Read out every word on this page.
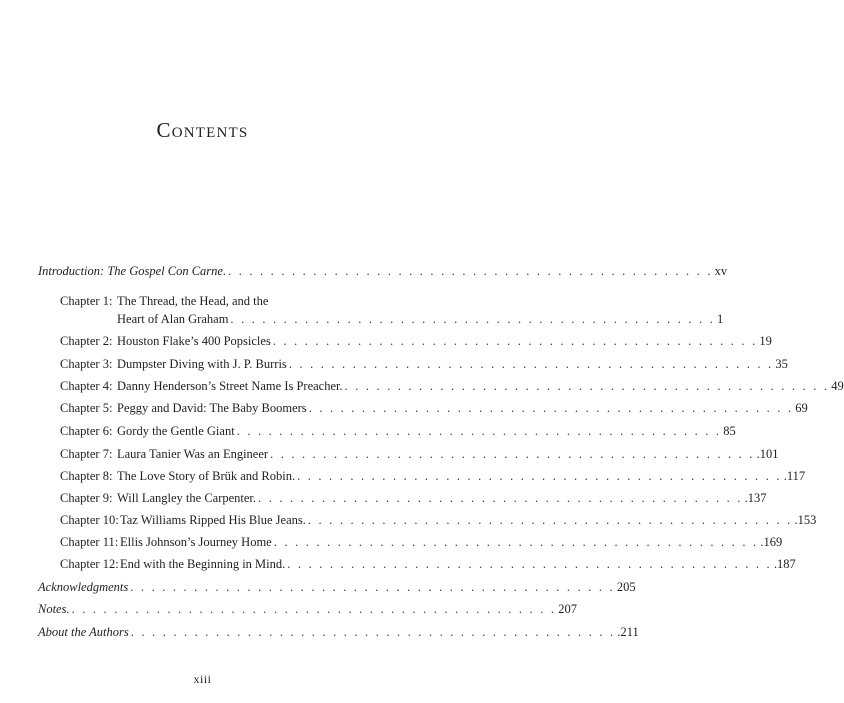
Contents
Introduction: The Gospel Con Carne. . . . . . . . . . . . . . . . . . . . . . . . . . . . . . . . . . . . . . . . . . . . . . . xv
Chapter 1: The Thread, the Head, and the
Heart of Alan Graham . . . . . . . . . . . . . . . . . . . . . . . . . . . . . . . . . . . . . . . . . . . . . . 1
Chapter 2: Houston Flake’s 400 Popsicles . . . . . . . . . . . . . . . . . . . . . . . . . . . . . . . . . . . . . . . . . . . . . . 19
Chapter 3: Dumpster Diving with J. P. Burris . . . . . . . . . . . . . . . . . . . . . . . . . . . . . . . . . . . . . . . . . . . . . . 35
Chapter 4: Danny Henderson’s Street Name Is Preacher. . . . . . . . . . . . . . . . . . . . . . . . . . . . . . . . . . . . . . . . . . . . . . . 49
Chapter 5: Peggy and David: The Baby Boomers . . . . . . . . . . . . . . . . . . . . . . . . . . . . . . . . . . . . . . . . . . . . . . 69
Chapter 6: Gordy the Gentle Giant . . . . . . . . . . . . . . . . . . . . . . . . . . . . . . . . . . . . . . . . . . . . . . 85
Chapter 7: Laura Tanier Was an Engineer . . . . . . . . . . . . . . . . . . . . . . . . . . . . . . . . . . . . . . . . . . . . . . .101
Chapter 8: The Love Story of Brük and Robin. . . . . . . . . . . . . . . . . . . . . . . . . . . . . . . . . . . . . . . . . . . . . . . .117
Chapter 9: Will Langley the Carpenter. . . . . . . . . . . . . . . . . . . . . . . . . . . . . . . . . . . . . . . . . . . . . . . .137
Chapter 10: Taz Williams Ripped His Blue Jeans. . . . . . . . . . . . . . . . . . . . . . . . . . . . . . . . . . . . . . . . . . . . . . . .153
Chapter 11: Ellis Johnson’s Journey Home . . . . . . . . . . . . . . . . . . . . . . . . . . . . . . . . . . . . . . . . . . . . . . .169
Chapter 12: End with the Beginning in Mind. . . . . . . . . . . . . . . . . . . . . . . . . . . . . . . . . . . . . . . . . . . . . . . .187
Acknowledgments . . . . . . . . . . . . . . . . . . . . . . . . . . . . . . . . . . . . . . . . . . . . . . 205
Notes. . . . . . . . . . . . . . . . . . . . . . . . . . . . . . . . . . . . . . . . . . . . . . . 207
About the Authors . . . . . . . . . . . . . . . . . . . . . . . . . . . . . . . . . . . . . . . . . . . . . . .211
xiii
